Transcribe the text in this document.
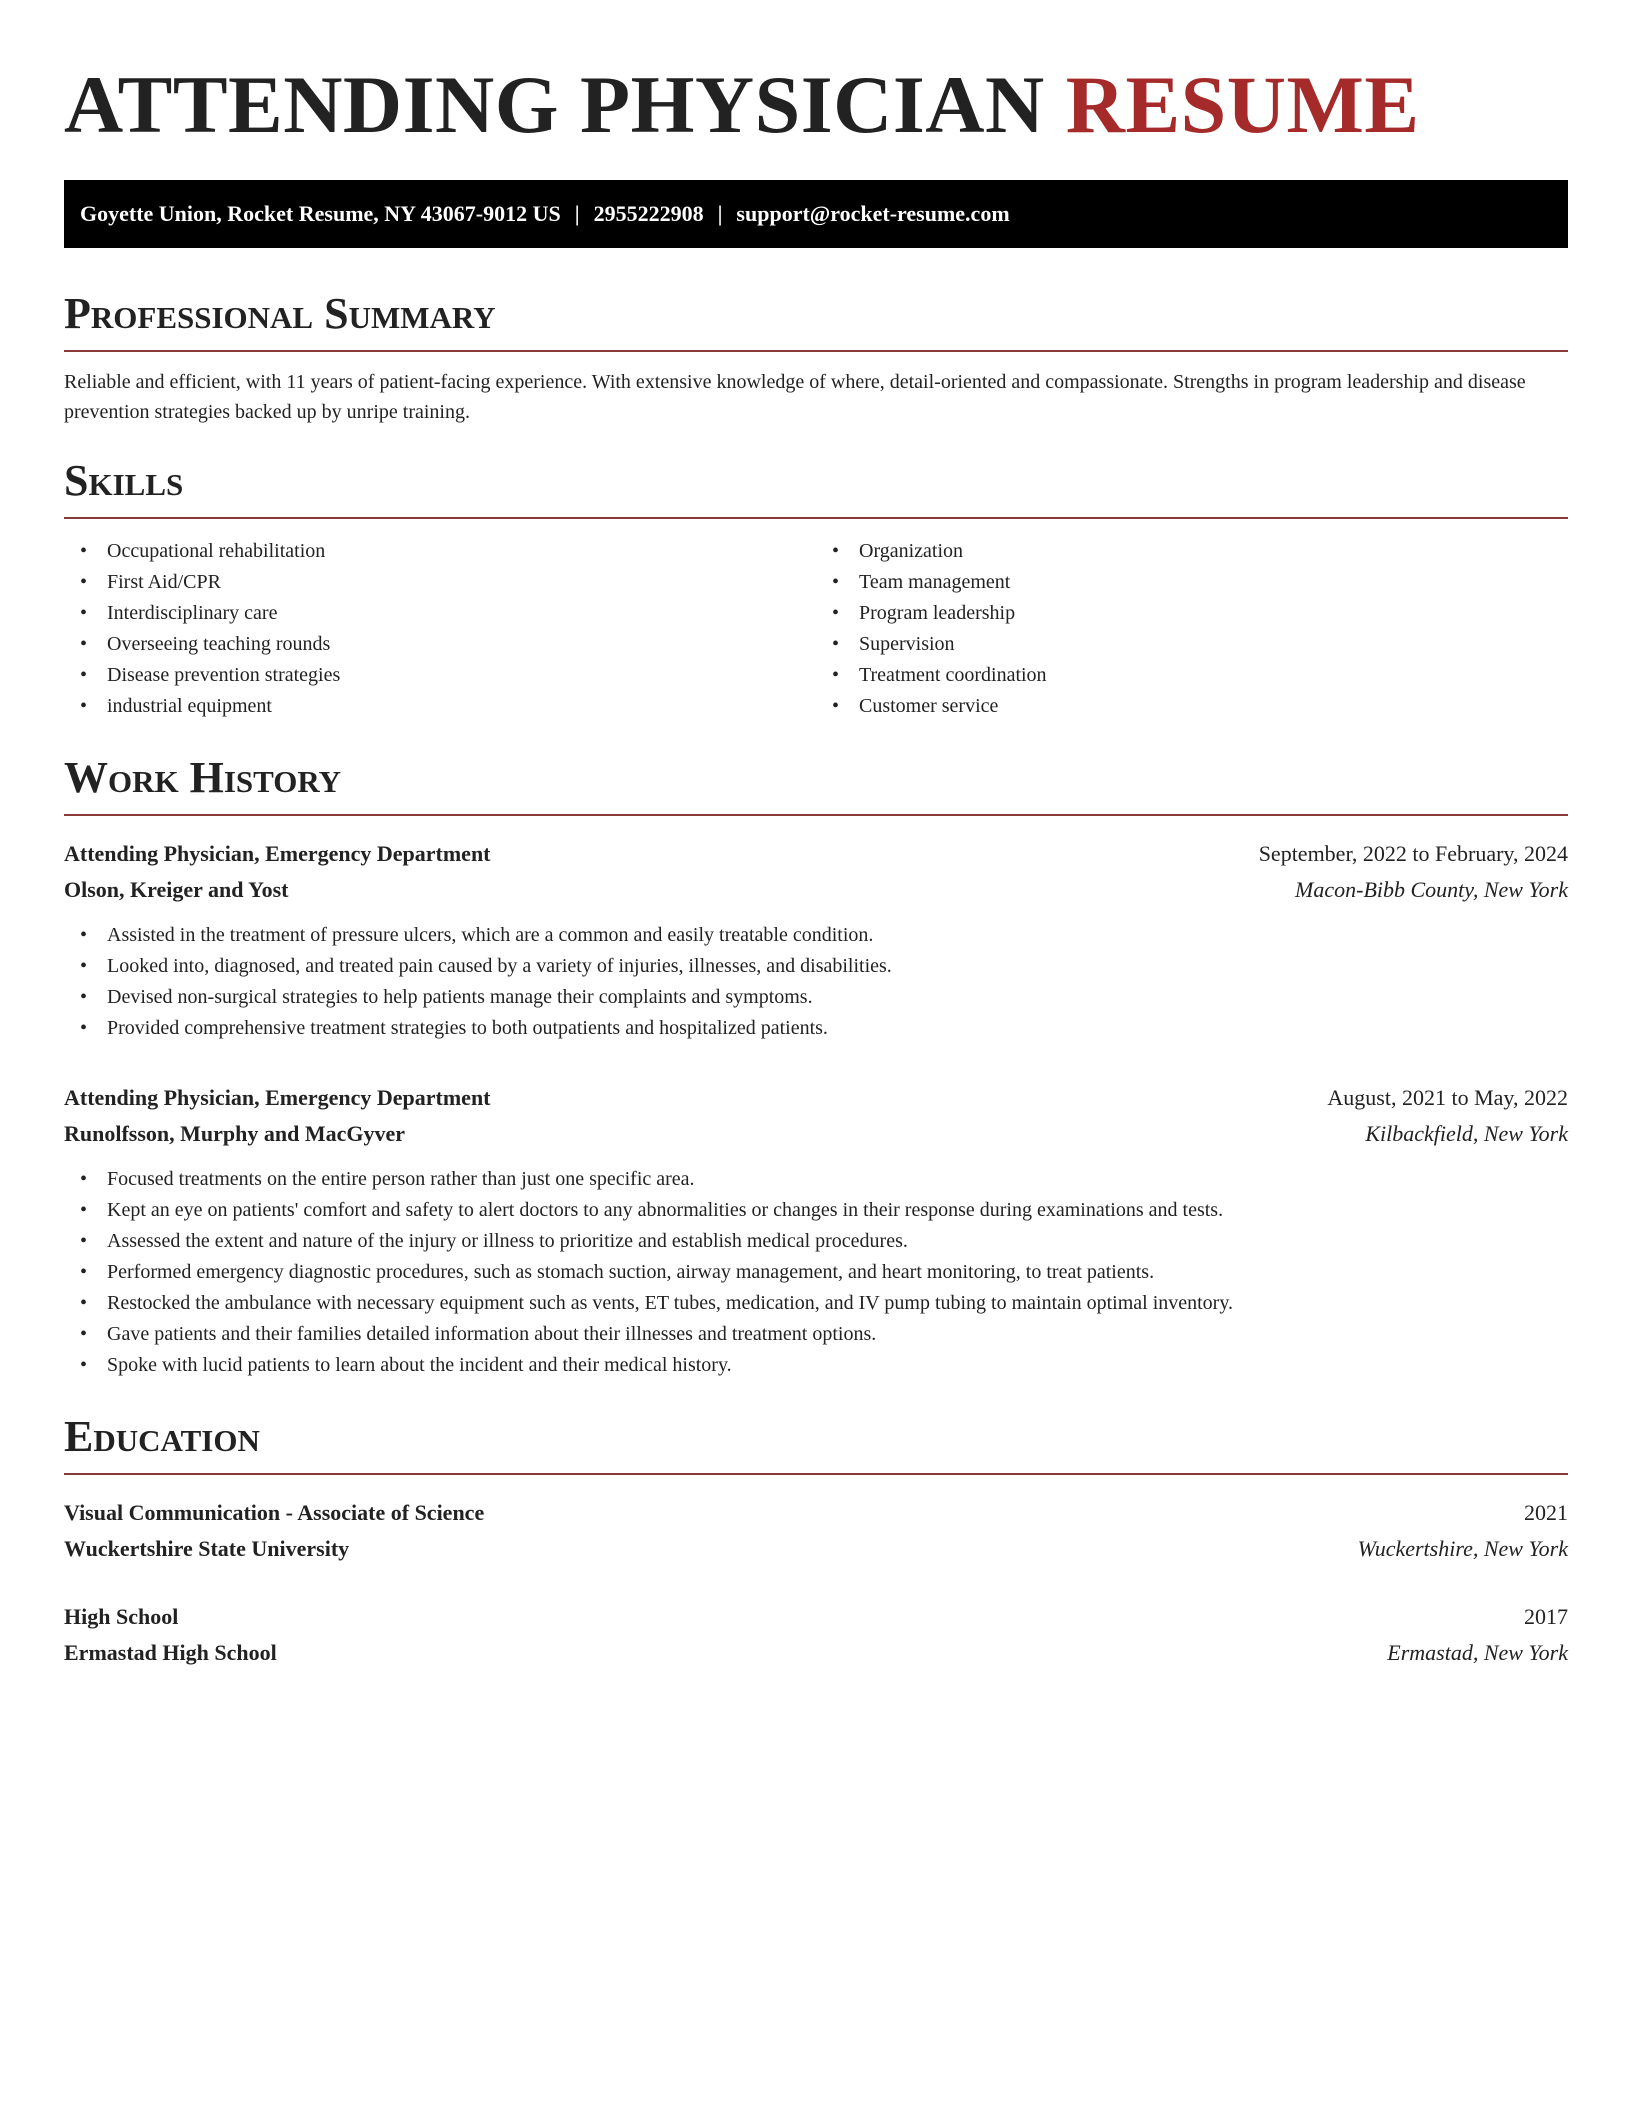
ATTENDING PHYSICIAN RESUME
Goyette Union, Rocket Resume, NY 43067-9012 US | 2955222908 | support@rocket-resume.com
Professional Summary

Reliable and efficient, with 11 years of patient-facing experience. With extensive knowledge of where, detail-oriented and compassionate. Strengths in program leadership and disease prevention strategies backed up by unripe training.

Skills
• Occupational rehabilitation
• First Aid/CPR
• Interdisciplinary care
• Overseeing teaching rounds
• Disease prevention strategies
• industrial equipment
• Organization
• Team management
• Program leadership
• Supervision
• Treatment coordination
• Customer service
Work History
Attending Physician, Emergency Department	September, 2022 to February, 2024
Olson, Kreiger and Yost	Macon-Bibb County, New York
• Assisted in the treatment of pressure ulcers, which are a common and easily treatable condition.
• Looked into, diagnosed, and treated pain caused by a variety of injuries, illnesses, and disabilities.
• Devised non-surgical strategies to help patients manage their complaints and symptoms.
• Provided comprehensive treatment strategies to both outpatients and hospitalized patients.
Attending Physician, Emergency Department	August, 2021 to May, 2022
Runolfsson, Murphy and MacGyver	Kilbackfield, New York
• Focused treatments on the entire person rather than just one specific area.
• Kept an eye on patients' comfort and safety to alert doctors to any abnormalities or changes in their response during examinations and tests.
• Assessed the extent and nature of the injury or illness to prioritize and establish medical procedures.
• Performed emergency diagnostic procedures, such as stomach suction, airway management, and heart monitoring, to treat patients.
• Restocked the ambulance with necessary equipment such as vents, ET tubes, medication, and IV pump tubing to maintain optimal inventory.
• Gave patients and their families detailed information about their illnesses and treatment options.
• Spoke with lucid patients to learn about the incident and their medical history.
Education
Visual Communication - Associate of Science	2021
Wuckertshire State University	Wuckertshire, New York
High School	2017
Ermastad High School	Ermastad, New York
